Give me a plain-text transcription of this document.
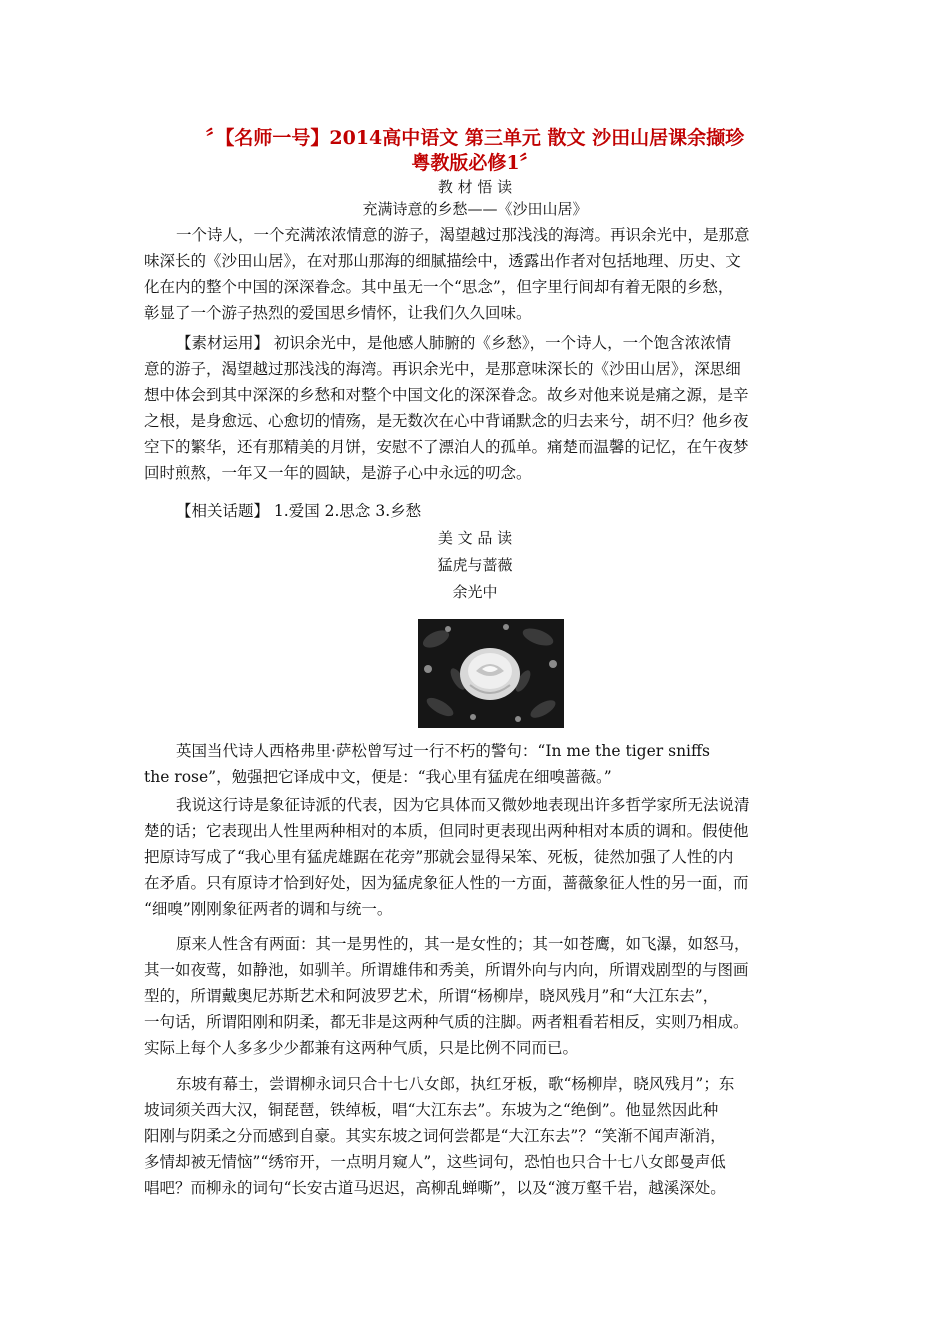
〞【名师一号】2014高中语文 第三单元 散文 沙田山居课余撷珍
粤教版必修1〞
教 材 悟 读
充满诗意的乡愁——《沙田山居》
一个诗人，一个充满浓浓情意的游子，渴望越过那浅浅的海湾。再识余光中，是那意
味深长的《沙田山居》，在对那山那海的细腻描绘中，透露出作者对包括地理、历史、文
化在内的整个中国的深深眷念。其中虽无一个“思念”，但字里行间却有着无限的乡愁，
彰显了一个游子热烈的爱国思乡情怀，让我们久久回味。
【素材运用】 初识余光中，是他感人肺腑的《乡愁》，一个诗人，一个饱含浓浓情
意的游子，渴望越过那浅浅的海湾。再识余光中，是那意味深长的《沙田山居》，深思细
想中体会到其中深深的乡愁和对整个中国文化的深深眷念。故乡对他来说是痛之源，是辛
之根，是身愈远、心愈切的情殇，是无数次在心中背诵默念的归去来兮，胡不归？他乡夜
空下的繁华，还有那精美的月饼，安慰不了漂泊人的孤单。痛楚而温馨的记忆，在午夜梦
回时煎熬，一年又一年的圆缺，是游子心中永远的叨念。
【相关话题】 1.爱国 2.思念 3.乡愁
美 文 品 读
猛虎与蔷薇
余光中
英国当代诗人西格弗里·萨松曾写过一行不朽的警句：“In me the tiger sniffs
the rose”，勉强把它译成中文，便是：“我心里有猛虎在细嗅蔷薇。”
我说这行诗是象征诗派的代表，因为它具体而又微妙地表现出许多哲学家所无法说清
楚的话；它表现出人性里两种相对的本质，但同时更表现出两种相对本质的调和。假使他
把原诗写成了“我心里有猛虎雄踞在花旁”那就会显得呆笨、死板，徒然加强了人性的内
在矛盾。只有原诗才恰到好处，因为猛虎象征人性的一方面，蔷薇象征人性的另一面，而
“细嗅”刚刚象征两者的调和与统一。
原来人性含有两面：其一是男性的，其一是女性的；其一如苍鹰，如飞瀑，如怒马，
其一如夜莺，如静池，如驯羊。所谓雄伟和秀美，所谓外向与内向，所谓戏剧型的与图画
型的，所谓戴奥尼苏斯艺术和阿波罗艺术，所谓“杨柳岸，晓风残月”和“大江东去”，
一句话，所谓阳刚和阴柔，都无非是这两种气质的注脚。两者粗看若相反，实则乃相成。
实际上每个人多多少少都兼有这两种气质，只是比例不同而已。
东坡有幕士，尝谓柳永词只合十七八女郎，执红牙板，歌“杨柳岸，晓风残月”；东
坡词须关西大汉，铜琵琶，铁绰板，唱“大江东去”。东坡为之“绝倒”。他显然因此种
阳刚与阴柔之分而感到自豪。其实东坡之词何尝都是“大江东去”？“笑渐不闻声渐消，
多情却被无情恼”“绣帘开，一点明月窥人”，这些词句，恐怕也只合十七八女郎曼声低
唱吧？而柳永的词句“长安古道马迟迟，高柳乱蝉嘶”，以及“渡万壑千岩，越溪深处。
